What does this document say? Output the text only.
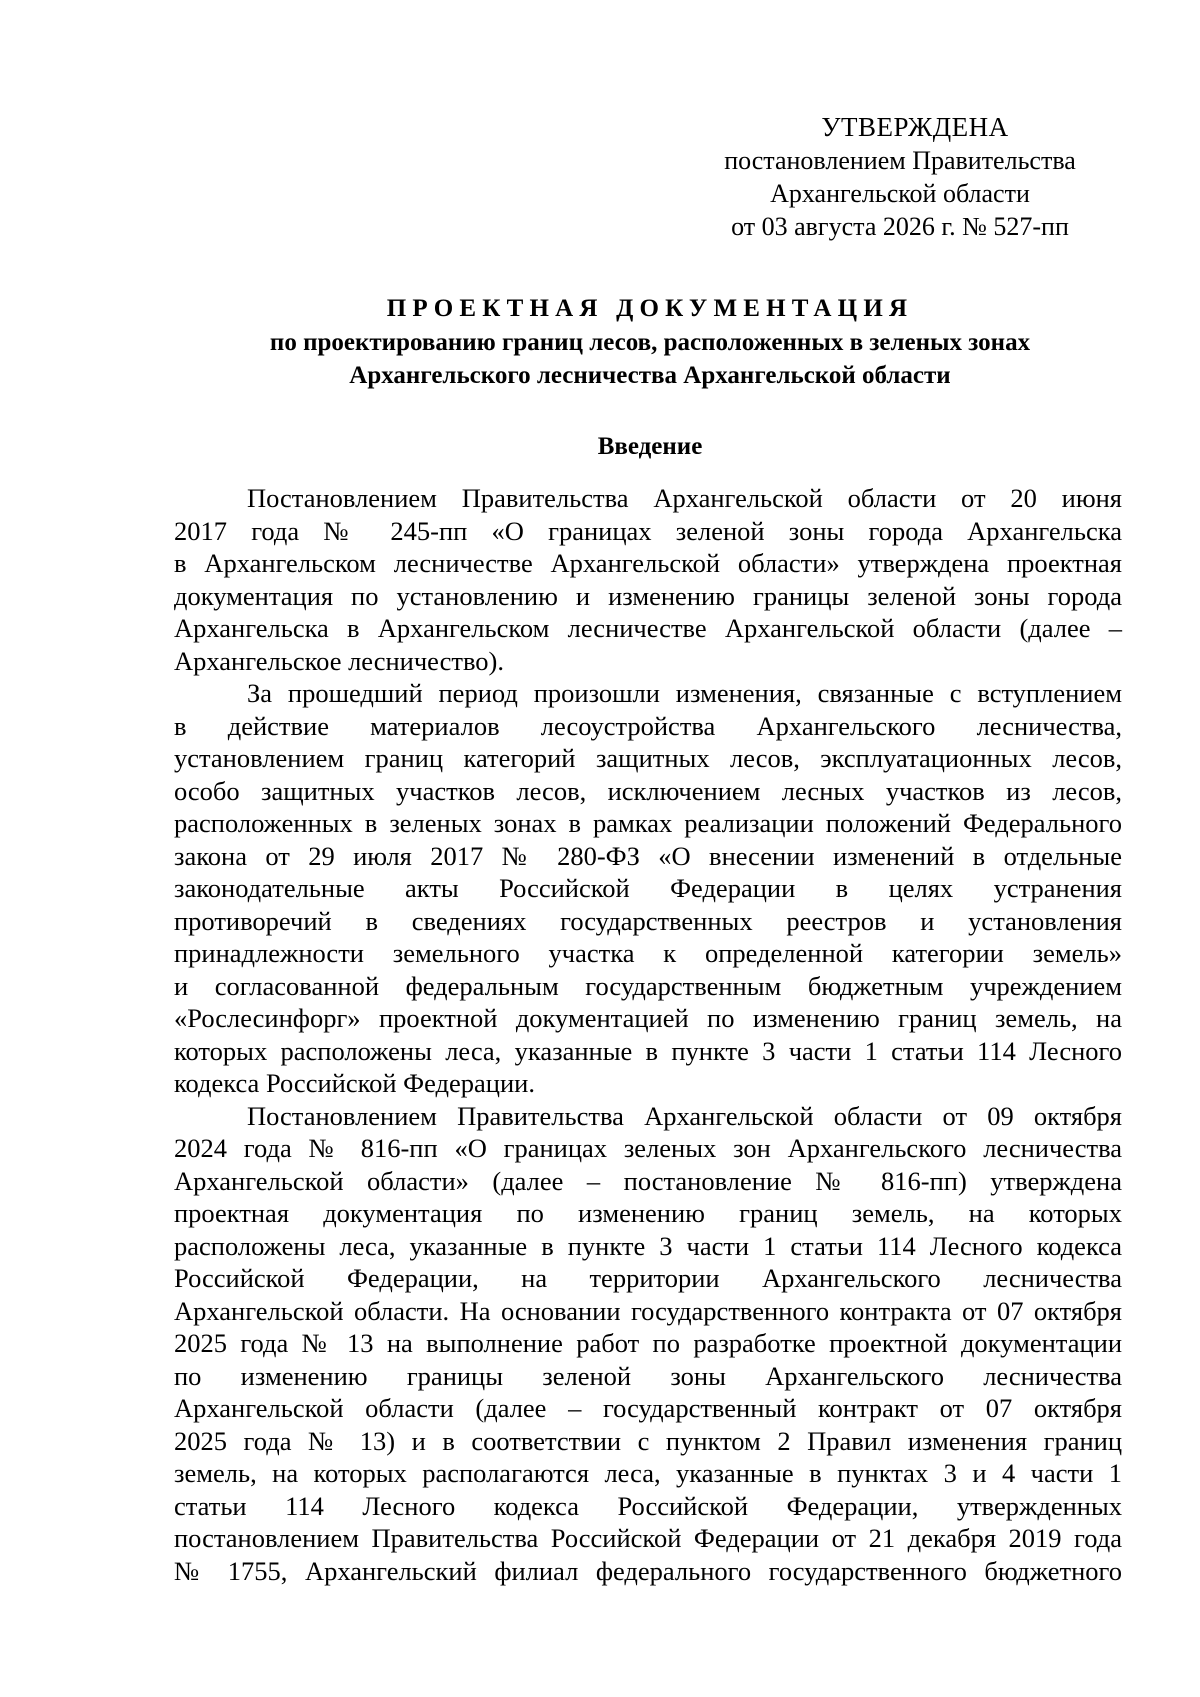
УТВЕРЖДЕНА
постановлением Правительства
Архангельской области
от 03 августа 2026 г. № 527-пп
ПРОЕКТНАЯ ДОКУМЕНТАЦИЯ
по проектированию границ лесов, расположенных в зеленых зонах
Архангельского лесничества Архангельской области
Введение
Постановлением Правительства Архангельской области от 20 июня
2017 года № 245-пп «О границах зеленой зоны города Архангельска
в Архангельском лесничестве Архангельской области» утверждена проектная
документация по установлению и изменению границы зеленой зоны города
Архангельска в Архангельском лесничестве Архангельской области (далее –
Архангельское лесничество).
За прошедший период произошли изменения, связанные с вступлением
в действие материалов лесоустройства Архангельского лесничества,
установлением границ категорий защитных лесов, эксплуатационных лесов,
особо защитных участков лесов, исключением лесных участков из лесов,
расположенных в зеленых зонах в рамках реализации положений Федерального
закона от 29 июля 2017 № 280-ФЗ «О внесении изменений в отдельные
законодательные акты Российской Федерации в целях устранения
противоречий в сведениях государственных реестров и установления
принадлежности земельного участка к определенной категории земель»
и согласованной федеральным государственным бюджетным учреждением
«Рослесинфорг» проектной документацией по изменению границ земель, на
которых расположены леса, указанные в пункте 3 части 1 статьи 114 Лесного
кодекса Российской Федерации.
Постановлением Правительства Архангельской области от 09 октября
2024 года № 816-пп «О границах зеленых зон Архангельского лесничества
Архангельской области» (далее – постановление № 816-пп) утверждена
проектная документация по изменению границ земель, на которых
расположены леса, указанные в пункте 3 части 1 статьи 114 Лесного кодекса
Российской Федерации, на территории Архангельского лесничества
Архангельской области. На основании государственного контракта от 07 октября
2025 года № 13 на выполнение работ по разработке проектной документации
по изменению границы зеленой зоны Архангельского лесничества
Архангельской области (далее – государственный контракт от 07 октября
2025 года № 13) и в соответствии с пунктом 2 Правил изменения границ
земель, на которых располагаются леса, указанные в пунктах 3 и 4 части 1
статьи 114 Лесного кодекса Российской Федерации, утвержденных
постановлением Правительства Российской Федерации от 21 декабря 2019 года
№ 1755, Архангельский филиал федерального государственного бюджетного
